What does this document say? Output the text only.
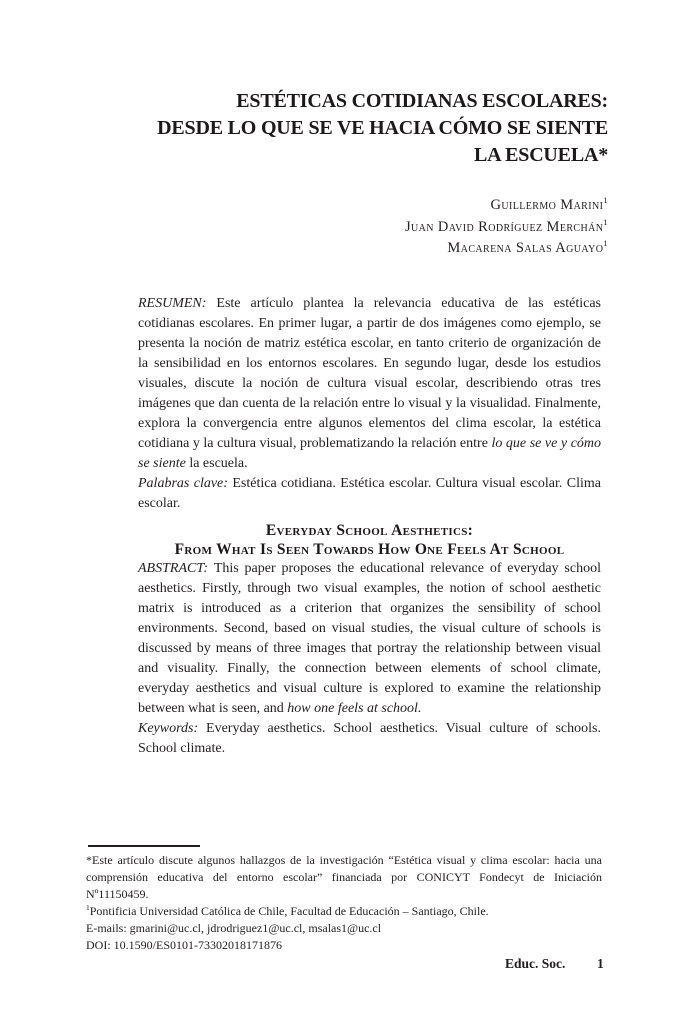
ESTÉTICAS COTIDIANAS ESCOLARES:
DESDE LO QUE SE VE HACIA CÓMO SE SIENTE
LA ESCUELA*
Guillermo Marini$^1$
Juan David Rodríguez Merchán$^1$
Macarena Salas Aguayo$^1$

RESUMEN: Este artículo plantea la relevancia educativa de las estéticas cotidianas escolares. En primer lugar, a partir de dos imágenes como ejemplo, se presenta la noción de matriz estética escolar, en tanto criterio de organización de la sensibilidad en los entornos escolares. En segundo lugar, desde los estudios visuales, discute la noción de cultura visual escolar, describiendo otras tres imágenes que dan cuenta de la relación entre lo visual y la visualidad. Finalmente, explora la convergencia entre algunos elementos del clima escolar, la estética cotidiana y la cultura visual, problematizando la relación entre lo que se ve y cómo se siente la escuela.

Palabras clave: Estética cotidiana. Estética escolar. Cultura visual escolar. Clima escolar.

Everyday School Aesthetics:
From What Is Seen Towards How One Feels At School

ABSTRACT: This paper proposes the educational relevance of everyday school aesthetics. Firstly, through two visual examples, the notion of school aesthetic matrix is introduced as a criterion that organizes the sensibility of school environments. Second, based on visual studies, the visual culture of schools is discussed by means of three images that portray the relationship between visual and visuality. Finally, the connection between elements of school climate, everyday aesthetics and visual culture is explored to examine the relationship between what is seen, and how one feels at school.

Keywords: Everyday aesthetics. School aesthetics. Visual culture of schools. School climate.

*Este artículo discute algunos hallazgos de la investigación “Estética visual y clima escolar: hacia una comprensión educativa del entorno escolar” financiada por CONICYT Fondecyt de Iniciación Nº11150459.
$^1$Pontificia Universidad Católica de Chile, Facultad de Educación – Santiago, Chile.
E-mails: gmarini@uc.cl, jdrodriguez1@uc.cl, msalas1@uc.cl
DOI: 10.1590/ES0101-73302018171876
Educ. Soc. 1
